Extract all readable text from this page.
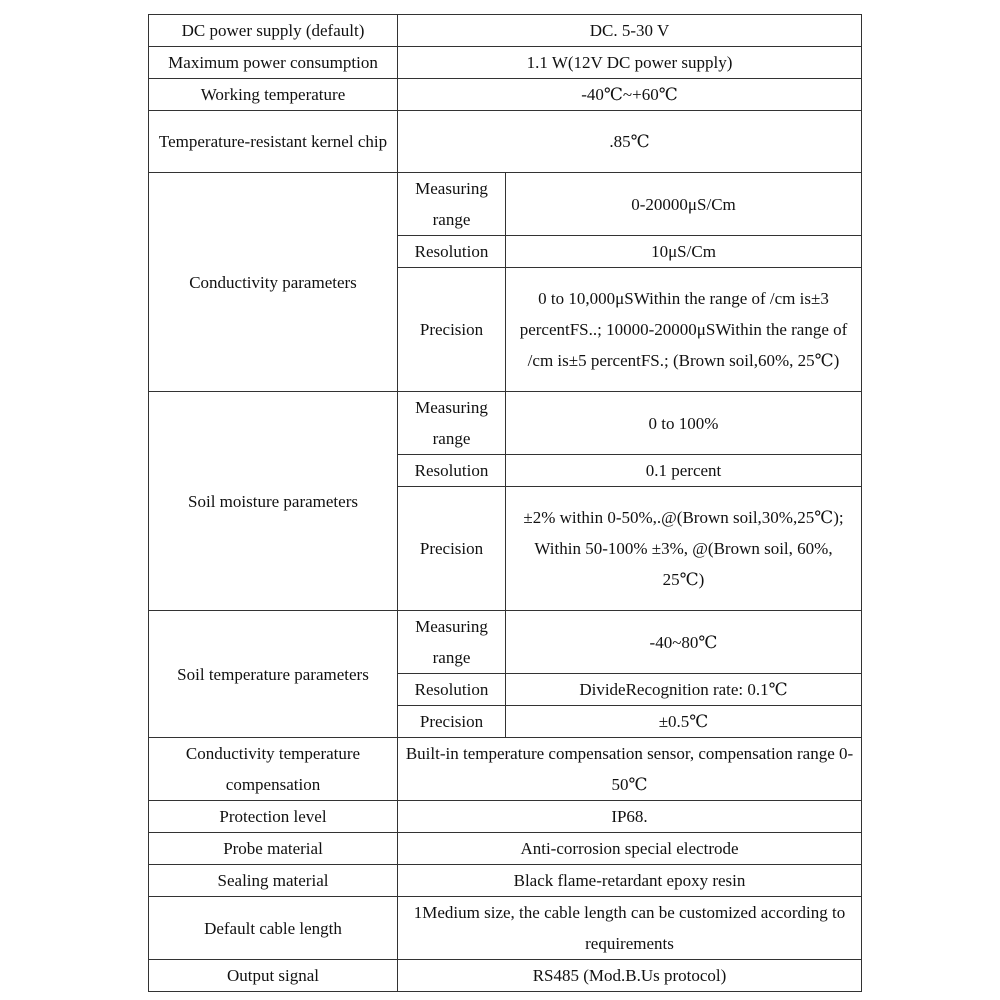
DC power supply (default)	DC. 5-30 V	
Maximum power consumption	1.1 W(12V DC power supply)	
Working temperature	-40℃~+60℃	
Temperature-resistant kernel chip	.85℃	
Conductivity parameters	Measuring range	0-20000μS/Cm
	Resolution	10μS/Cm
	Precision	0 to 10,000μSWithin the range of /cm is±3 percentFS..; 10000-20000μSWithin the range of /cm is±5 percentFS.; (Brown soil,60%, 25℃)
Soil moisture parameters	Measuring range	0 to 100%
	Resolution	0.1 percent
	Precision	±2% within 0-50%,.@(Brown soil,30%,25℃); Within 50-100% ±3%, @(Brown soil, 60%, 25℃)
Soil temperature parameters	Measuring range	-40~80℃
	Resolution	DivideRecognition rate: 0.1℃
	Precision	±0.5℃
Conductivity temperature compensation	Built-in temperature compensation sensor, compensation range 0-50℃	
Protection level	IP68.	
Probe material	Anti-corrosion special electrode	
Sealing material	Black flame-retardant epoxy resin	
Default cable length	1Medium size, the cable length can be customized according to requirements	
Output signal	RS485 (Mod.B.Us protocol)	
